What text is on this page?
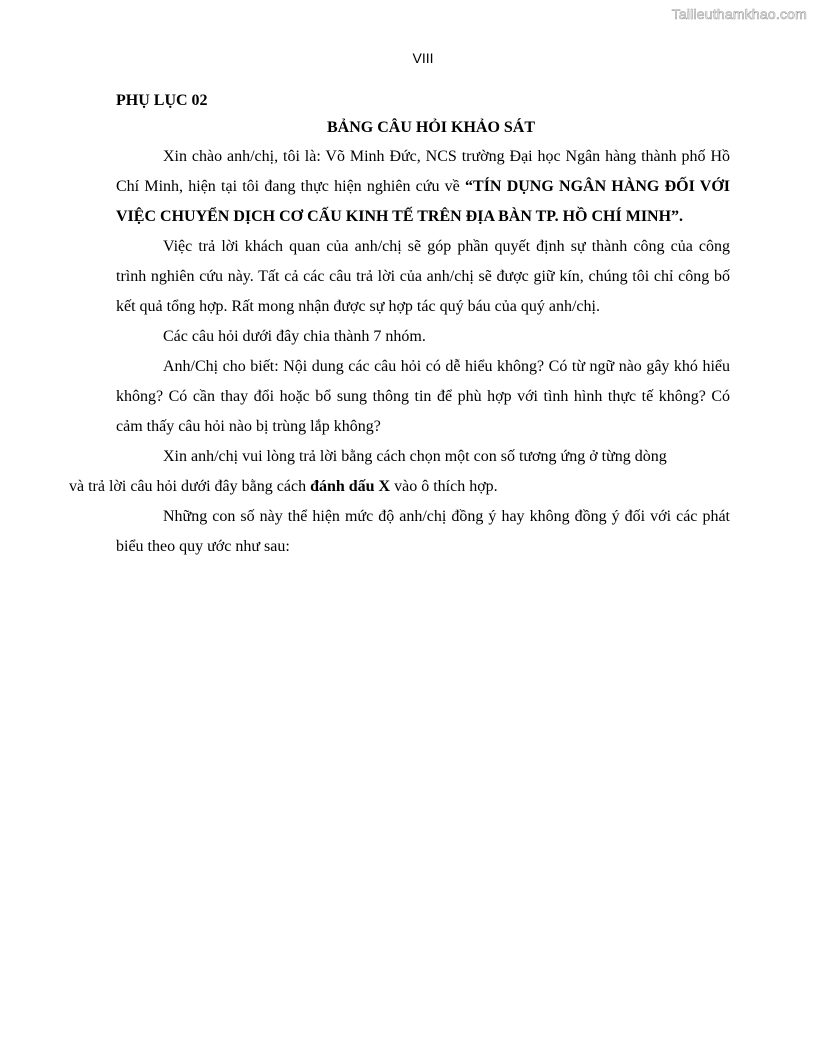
Tailieuthamkhao.com
VIII

PHỤ LỤC 02

BẢNG CÂU HỎI KHẢO SÁT

Xin chào anh/chị, tôi là: Võ Minh Đức, NCS trường Đại học Ngân hàng thành phố Hồ Chí Minh, hiện tại tôi đang thực hiện nghiên cứu về “TÍN DỤNG NGÂN HÀNG ĐỐI VỚI VIỆC CHUYỂN DỊCH CƠ CẤU KINH TẾ TRÊN ĐỊA BÀN TP. HỒ CHÍ MINH”.

Việc trả lời khách quan của anh/chị sẽ góp phần quyết định sự thành công của công trình nghiên cứu này. Tất cả các câu trả lời của anh/chị sẽ được giữ kín, chúng tôi chỉ công bố kết quả tổng hợp. Rất mong nhận được sự hợp tác quý báu của quý anh/chị.

Các câu hỏi dưới đây chia thành 7 nhóm.

Anh/Chị cho biết: Nội dung các câu hỏi có dễ hiểu không? Có từ ngữ nào gây khó hiểu không? Có cần thay đổi hoặc bổ sung thông tin để phù hợp với tình hình thực tế không? Có cảm thấy câu hỏi nào bị trùng lắp không?

Xin anh/chị vui lòng trả lời bằng cách chọn một con số tương ứng ở từng dòng
và trả lời câu hỏi dưới đây bằng cách đánh dấu X vào ô thích hợp.

Những con số này thể hiện mức độ anh/chị đồng ý hay không đồng ý đối với các phát biểu theo quy ước như sau:
